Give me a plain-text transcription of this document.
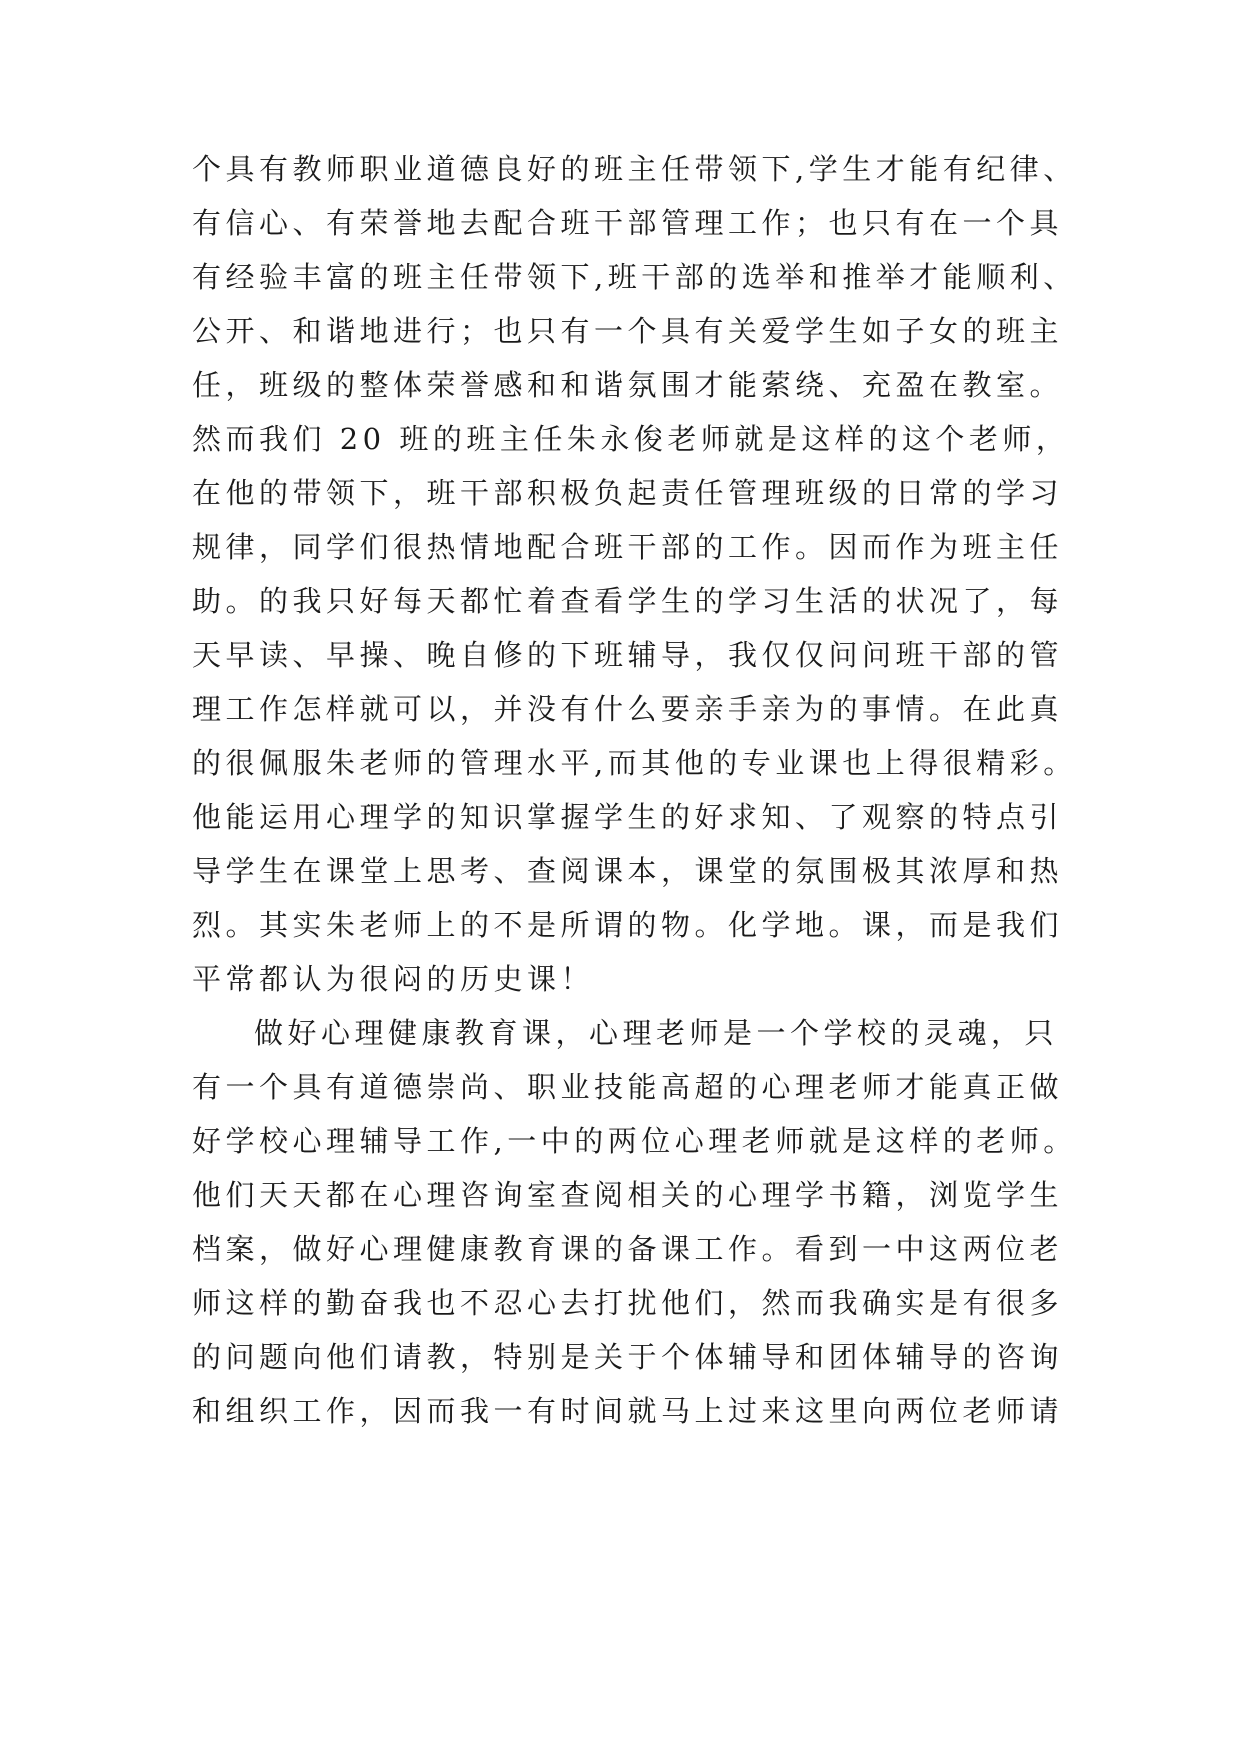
个具有教师职业道德良好的班主任带领下,学生才能有纪律、
有信心、有荣誉地去配合班干部管理工作；也只有在一个具
有经验丰富的班主任带领下,班干部的选举和推举才能顺利、
公开、和谐地进行；也只有一个具有关爱学生如子女的班主
任，班级的整体荣誉感和和谐氛围才能萦绕、充盈在教室。
然而我们 20 班的班主任朱永俊老师就是这样的这个老师，
在他的带领下，班干部积极负起责任管理班级的日常的学习
规律，同学们很热情地配合班干部的工作。因而作为班主任
助。的我只好每天都忙着查看学生的学习生活的状况了，每
天早读、早操、晚自修的下班辅导，我仅仅问问班干部的管
理工作怎样就可以，并没有什么要亲手亲为的事情。在此真
的很佩服朱老师的管理水平,而其他的专业课也上得很精彩。
他能运用心理学的知识掌握学生的好求知、了观察的特点引
导学生在课堂上思考、查阅课本，课堂的氛围极其浓厚和热
烈。其实朱老师上的不是所谓的物。化学地。课，而是我们
平常都认为很闷的历史课！
做好心理健康教育课，心理老师是一个学校的灵魂，只
有一个具有道德崇尚、职业技能高超的心理老师才能真正做
好学校心理辅导工作,一中的两位心理老师就是这样的老师。
他们天天都在心理咨询室查阅相关的心理学书籍，浏览学生
档案，做好心理健康教育课的备课工作。看到一中这两位老
师这样的勤奋我也不忍心去打扰他们，然而我确实是有很多
的问题向他们请教，特别是关于个体辅导和团体辅导的咨询
和组织工作，因而我一有时间就马上过来这里向两位老师请
